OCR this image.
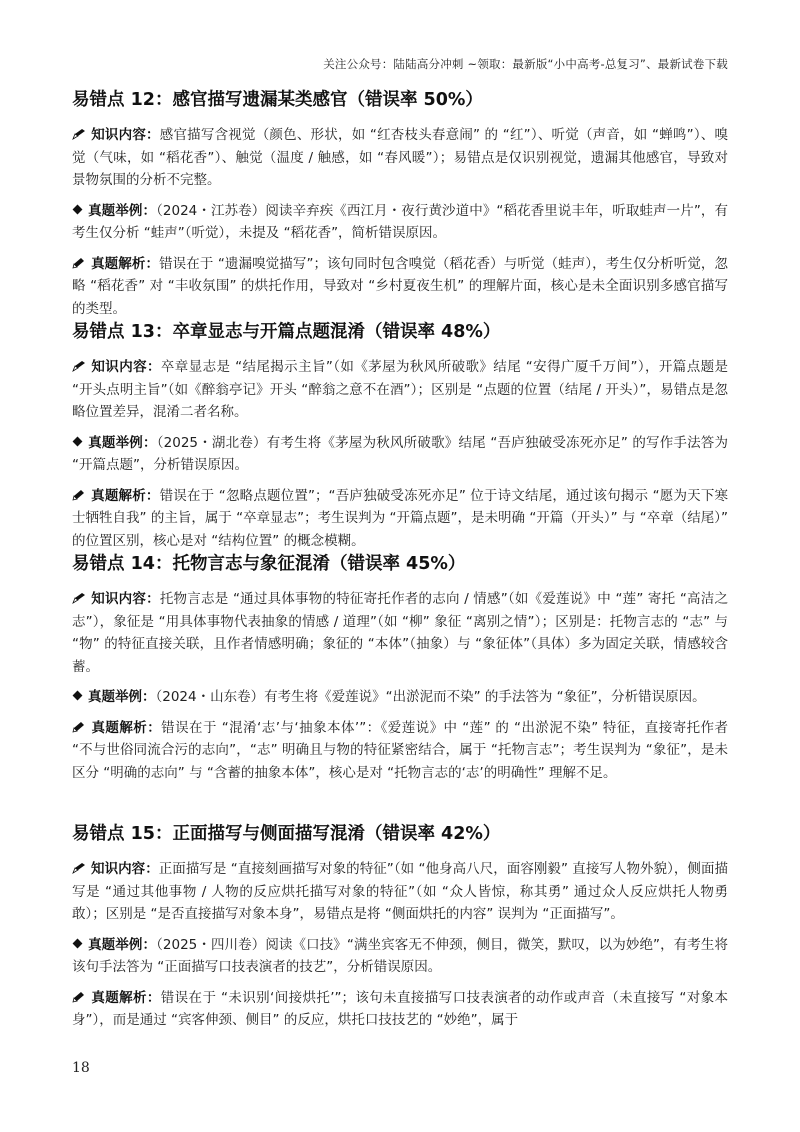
关注公众号：陆陆高分冲刺 ~领取：最新版“小中高考-总复习”、最新试卷下载
易错点 12：感官描写遗漏某类感官（错误率 50%）

知识内容：感官描写含视觉（颜色、形状，如 “红杏枝头春意闹” 的 “红”）、听觉（声音，如 “蝉鸣”）、嗅觉（气味，如 “稻花香”）、触觉（温度 / 触感，如 “春风暖”）；易错点是仅识别视觉，遗漏其他感官，导致对景物氛围的分析不完整。

真题举例：（2024・江苏卷）阅读辛弃疾《西江月・夜行黄沙道中》“稻花香里说丰年，听取蛙声一片”，有考生仅分析 “蛙声”（听觉），未提及 “稻花香”，简析错误原因。

真题解析：错误在于 “遗漏嗅觉描写”；该句同时包含嗅觉（稻花香）与听觉（蛙声），考生仅分析听觉，忽略 “稻花香” 对 “丰收氛围” 的烘托作用，导致对 “乡村夏夜生机” 的理解片面，核心是未全面识别多感官描写的类型。

易错点 13：卒章显志与开篇点题混淆（错误率 48%）

知识内容：卒章显志是 “结尾揭示主旨”（如《茅屋为秋风所破歌》结尾 “安得广厦千万间”），开篇点题是 “开头点明主旨”（如《醉翁亭记》开头 “醉翁之意不在酒”）；区别是 “点题的位置（结尾 / 开头）”，易错点是忽略位置差异，混淆二者名称。

真题举例：（2025・湖北卷）有考生将《茅屋为秋风所破歌》结尾 “吾庐独破受冻死亦足” 的写作手法答为 “开篇点题”，分析错误原因。

真题解析：错误在于 “忽略点题位置”；“吾庐独破受冻死亦足” 位于诗文结尾，通过该句揭示 “愿为天下寒士牺牲自我” 的主旨，属于 “卒章显志”；考生误判为 “开篇点题”，是未明确 “开篇（开头）” 与 “卒章（结尾）” 的位置区别，核心是对 “结构位置” 的概念模糊。

易错点 14：托物言志与象征混淆（错误率 45%）

知识内容：托物言志是 “通过具体事物的特征寄托作者的志向 / 情感”（如《爱莲说》中 “莲” 寄托 “高洁之志”），象征是 “用具体事物代表抽象的情感 / 道理”（如 “柳” 象征 “离别之情”）；区别是：托物言志的 “志” 与 “物” 的特征直接关联，且作者情感明确；象征的 “本体”（抽象）与 “象征体”（具体）多为固定关联，情感较含蓄。

真题举例：（2024・山东卷）有考生将《爱莲说》“出淤泥而不染” 的手法答为 “象征”，分析错误原因。

真题解析：错误在于 “混淆‘志’与‘抽象本体’”：《爱莲说》中 “莲” 的 “出淤泥不染” 特征，直接寄托作者 “不与世俗同流合污的志向”，“志” 明确且与物的特征紧密结合，属于 “托物言志”；考生误判为 “象征”，是未区分 “明确的志向” 与 “含蓄的抽象本体”，核心是对 “托物言志的‘志’的明确性” 理解不足。

易错点 15：正面描写与侧面描写混淆（错误率 42%）

知识内容：正面描写是 “直接刻画描写对象的特征”（如 “他身高八尺，面容刚毅” 直接写人物外貌），侧面描写是 “通过其他事物 / 人物的反应烘托描写对象的特征”（如 “众人皆惊，称其勇” 通过众人反应烘托人物勇敢）；区别是 “是否直接描写对象本身”，易错点是将 “侧面烘托的内容” 误判为 “正面描写”。

真题举例：（2025・四川卷）阅读《口技》“满坐宾客无不伸颈，侧目，微笑，默叹，以为妙绝”，有考生将该句手法答为 “正面描写口技表演者的技艺”，分析错误原因。

真题解析：错误在于 “未识别‘间接烘托’”；该句未直接描写口技表演者的动作或声音（未直接写 “对象本身”），而是通过 “宾客伸颈、侧目” 的反应，烘托口技技艺的 “妙绝”，属于

18
